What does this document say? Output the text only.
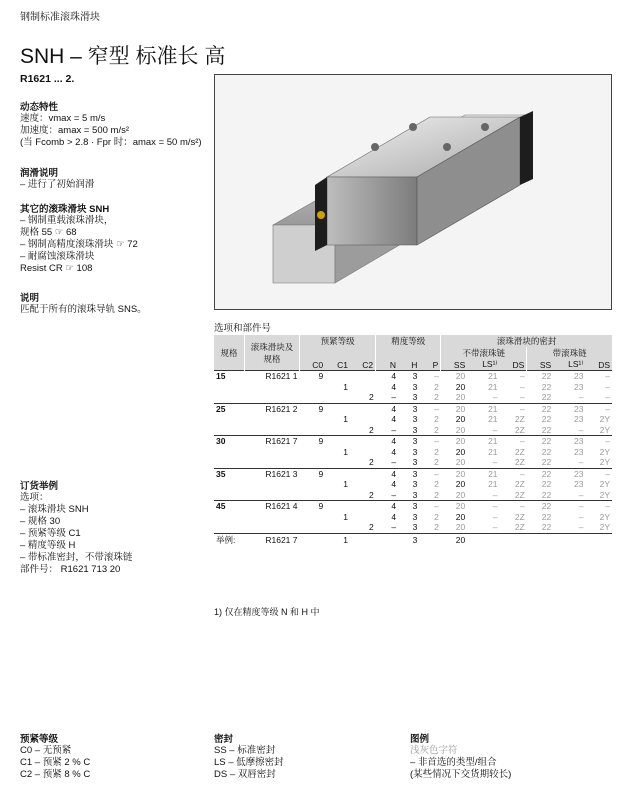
钢制标准滚珠滑块
SNH – 窄型 标准长 高
R1621 ... 2.
动态特性
速度：vmax = 5 m/s
加速度：amax = 500 m/s²
(当 Fcomb > 2.8 · Fpr 时：amax = 50 m/s²)
润滑说明
– 进行了初始润滑
其它的滚珠滑块 SNH
– 钢制重载滚珠滑块，
规格 55 ☞ 68
– 钢制高精度滚珠滑块 ☞ 72
– 耐腐蚀滚珠滑块
Resist CR ☞ 108
说明
匹配于所有的滚珠导轨 SNS。
订货举例
选项：
– 滚珠滑块 SNH
– 规格 30
– 预紧等级 C1
– 精度等级 H
– 带标准密封，不带滚珠链
部件号： R1621 713 20
选项和部件号
规格	滚珠滑块及规格	预紧等级			精度等级			滚珠滑块的密封					
								不带滚珠链			带滚珠链		
		C0	C1	C2	N	H	P	SS	LS¹⁾	DS	SS	LS¹⁾	DS
15	R1621 1	9			4	3	–	20	21	–	22	23	–
			1		4	3	2	20	21	–	22	23	–
				2	–	3	2	20	–	–	22	–	–
25	R1621 2	9			4	3	–	20	21	–	22	23	–
			1		4	3	2	20	21	2Z	22	23	2Y
				2	–	3	2	20	–	2Z	22	–	2Y
30	R1621 7	9			4	3	–	20	21	–	22	23	–
			1		4	3	2	20	21	2Z	22	23	2Y
				2	–	3	2	20	–	2Z	22	–	2Y
35	R1621 3	9			4	3	–	20	21	–	22	23	–
			1		4	3	2	20	21	2Z	22	23	2Y
				2	–	3	2	20	–	2Z	22	–	2Y
45	R1621 4	9			4	3	–	20	–	–	22	–	–
			1		4	3	2	20	–	2Z	22	–	2Y
				2	–	3	2	20	–	2Z	22	–	2Y
举例:	R1621 7		1			3		20					
1) 仅在精度等级 N 和 H 中
预紧等级
C0 – 无预紧
C1 – 预紧 2 % C
C2 – 预紧 8 % C
密封
SS – 标准密封
LS – 低摩擦密封
DS – 双唇密封
图例
浅灰色字符
– 非首选的类型/组合
(某些情况下交货期较长)
